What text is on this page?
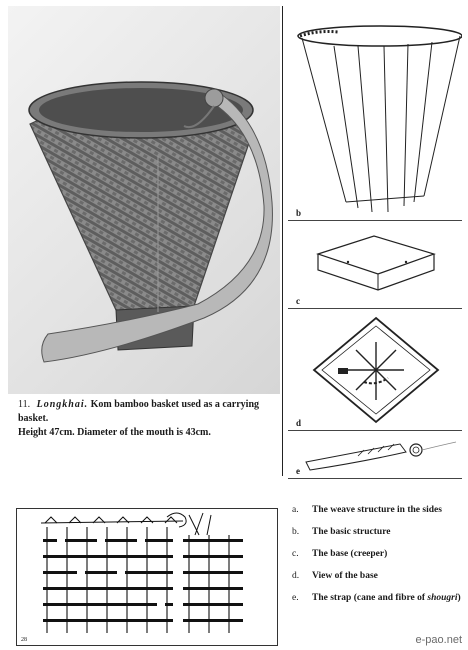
11. Longkhai. Kom bamboo basket used as a carrying basket.
Height 47cm. Diameter of the mouth is 43cm.
b
c
d
e
28
a.	The weave structure in the sides
b.	The basic structure
c.	The base (creeper)
d.	View of the base
e.	The strap (cane and fibre of shougri)
e-pao.net
